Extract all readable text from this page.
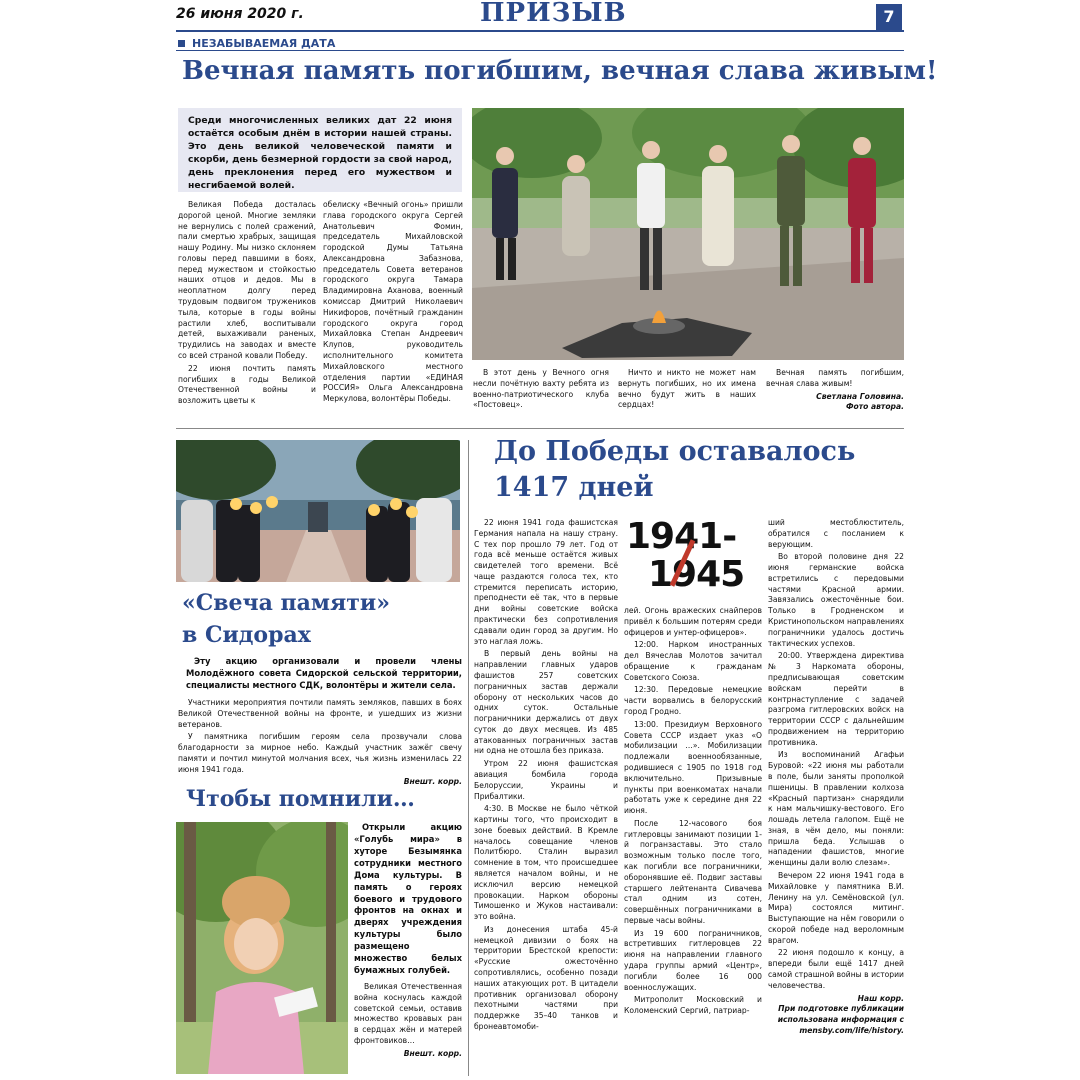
26 июня 2020 г.	ПРИЗЫВ	7
НЕЗАБЫВАЕМАЯ ДАТА
Вечная память погибшим, вечная слава живым!
Среди многочисленных великих дат 22 июня остаётся особым днём в истории нашей страны. Это день великой человеческой памяти и скорби, день безмерной гордости за свой народ, день преклонения перед его мужеством и несгибаемой волей.

Великая Победа досталась дорогой ценой. Многие земляки не вернулись с полей сражений, пали смертью храбрых, защищая нашу Родину. Мы низко склоняем головы перед павшими в боях, перед мужеством и стойкостью наших отцов и дедов. Мы в неоплатном долгу перед трудовым подвигом тружеников тыла, которые в годы войны растили хлеб, воспитывали детей, выхаживали раненых, трудились на заводах и вместе со всей страной ковали Победу.

22 июня почтить память погибших в годы Великой Отечественной войны и возложить цветы к

обелиску «Вечный огонь» пришли глава городского округа Сергей Анатольевич Фомин, председатель Михайловской городской Думы Татьяна Александровна Забазнова, председатель Совета ветеранов городского округа Тамара Владимировна Аханова, военный комиссар Дмитрий Николаевич Никифоров, почётный гражданин городского округа город Михайловка Степан Андреевич Клупов, руководитель исполнительного комитета Михайловского местного отделения партии «ЕДИНАЯ РОССИЯ» Ольга Александровна Меркулова, волонтёры Победы.

В этот день у Вечного огня несли почётную вахту ребята из военно-патриотического клуба «Постовец».

Ничто и никто не может нам вернуть погибших, но их имена вечно будут жить в наших сердцах!

Вечная память погибшим, вечная слава живым!

Светлана Головина.
Фото автора.
«Свеча памяти»
в Сидорах
Эту акцию организовали и провели члены Молодёжного совета Сидорской сельской территории, специалисты местного СДК, волонтёры и жители села.

Участники мероприятия почтили память земляков, павших в боях Великой Отечественной войны на фронте, и ушедших из жизни ветеранов.

У памятника погибшим героям села прозвучали слова благодарности за мирное небо. Каждый участник зажёг свечу памяти и почтил минутой молчания всех, чья жизнь изменилась 22 июня 1941 года.

Внешт. корр.
Чтобы помнили…
Открыли акцию «Голубь мира» в хуторе Безымянка сотрудники местного Дома культуры. В память о героях боевого и трудового фронтов на окнах и дверях учреждения культуры было размещено множество белых бумажных голубей.

Великая Отечественная война коснулась каждой советской семьи, оставив множество кровавых ран в сердцах жён и матерей фронтовиков…

Внешт. корр.
До Победы оставалось
1417 дней
1941-
1945

22 июня 1941 года фашистская Германия напала на нашу страну. С тех пор прошло 79 лет. Год от года всё меньше остаётся живых свидетелей того времени. Всё чаще раздаются голоса тех, кто стремится переписать историю, преподнести её так, что в первые дни войны советские войска практически без сопротивления сдавали один город за другим. Но это наглая ложь.

В первый день войны на направлении главных ударов фашистов 257 советских пограничных застав держали оборону от нескольких часов до одних суток. Остальные пограничники держались от двух суток до двух месяцев. Из 485 атакованных пограничных застав ни одна не отошла без приказа.

Утром 22 июня фашистская авиация бомбила города Белоруссии, Украины и Прибалтики.

4:30. В Москве не было чёткой картины того, что происходит в зоне боевых действий. В Кремле началось совещание членов Политбюро. Сталин выразил сомнение в том, что происшедшее является началом войны, и не исключил версию немецкой провокации. Нарком обороны Тимошенко и Жуков настаивали: это война.

Из донесения штаба 45-й немецкой дивизии о боях на территории Брестской крепости: «Русские ожесточённо сопротивлялись, особенно позади наших атакующих рот. В цитадели противник организовал оборону пехотными частями при поддержке 35–40 танков и бронеавтомоби-

лей. Огонь вражеских снайперов привёл к большим потерям среди офицеров и унтер-офицеров».

12:00. Нарком иностранных дел Вячеслав Молотов зачитал обращение к гражданам Советского Союза.

12:30. Передовые немецкие части ворвались в белорусский город Гродно.

13:00. Президиум Верховного Совета СССР издает указ «О мобилизации …». Мобилизации подлежали военнообязанные, родившиеся с 1905 по 1918 год включительно. Призывные пункты при военкоматах начали работать уже к середине дня 22 июня.

После 12-часового боя гитлеровцы занимают позиции 1-й погранзаставы. Это стало возможным только после того, как погибли все пограничники, оборонявшие её. Подвиг заставы старшего лейтенанта Сивачева стал одним из сотен, совершённых пограничниками в первые часы войны.

Из 19 600 пограничников, встретивших гитлеровцев 22 июня на направлении главного удара группы армий «Центр», погибли более 16 000 военнослужащих.

Митрополит Московский и Коломенский Сергий, патриар-

ший местоблюститель, обратился с посланием к верующим.

Во второй половине дня 22 июня германские войска встретились с передовыми частями Красной армии. Завязались ожесточённые бои. Только в Гродненском и Кристинопольском направлениях пограничники удалось достичь тактических успехов.

20:00. Утверждена директива № 3 Наркомата обороны, предписывающая советским войскам перейти в контрнаступление с задачей разгрома гитлеровских войск на территории СССР с дальнейшим продвижением на территорию противника.

Из воспоминаний Агафьи Буровой: «22 июня мы работали в поле, были заняты прополкой пшеницы. В правлении колхоза «Красный партизан» снарядили к нам мальчишку-вестового. Его лошадь летела галопом. Ещё не зная, в чём дело, мы поняли: пришла беда. Услышав о нападении фашистов, многие женщины дали волю слезам».

Вечером 22 июня 1941 года в Михайловке у памятника В.И. Ленину на ул. Семёновской (ул. Мира) состоялся митинг. Выступающие на нём говорили о скорой победе над вероломным врагом.

22 июня подошло к концу, а впереди были ещё 1417 дней самой страшной войны в истории человечества.

Наш корр.
При подготовке публикации использована информация с mensby.com/life/history.
